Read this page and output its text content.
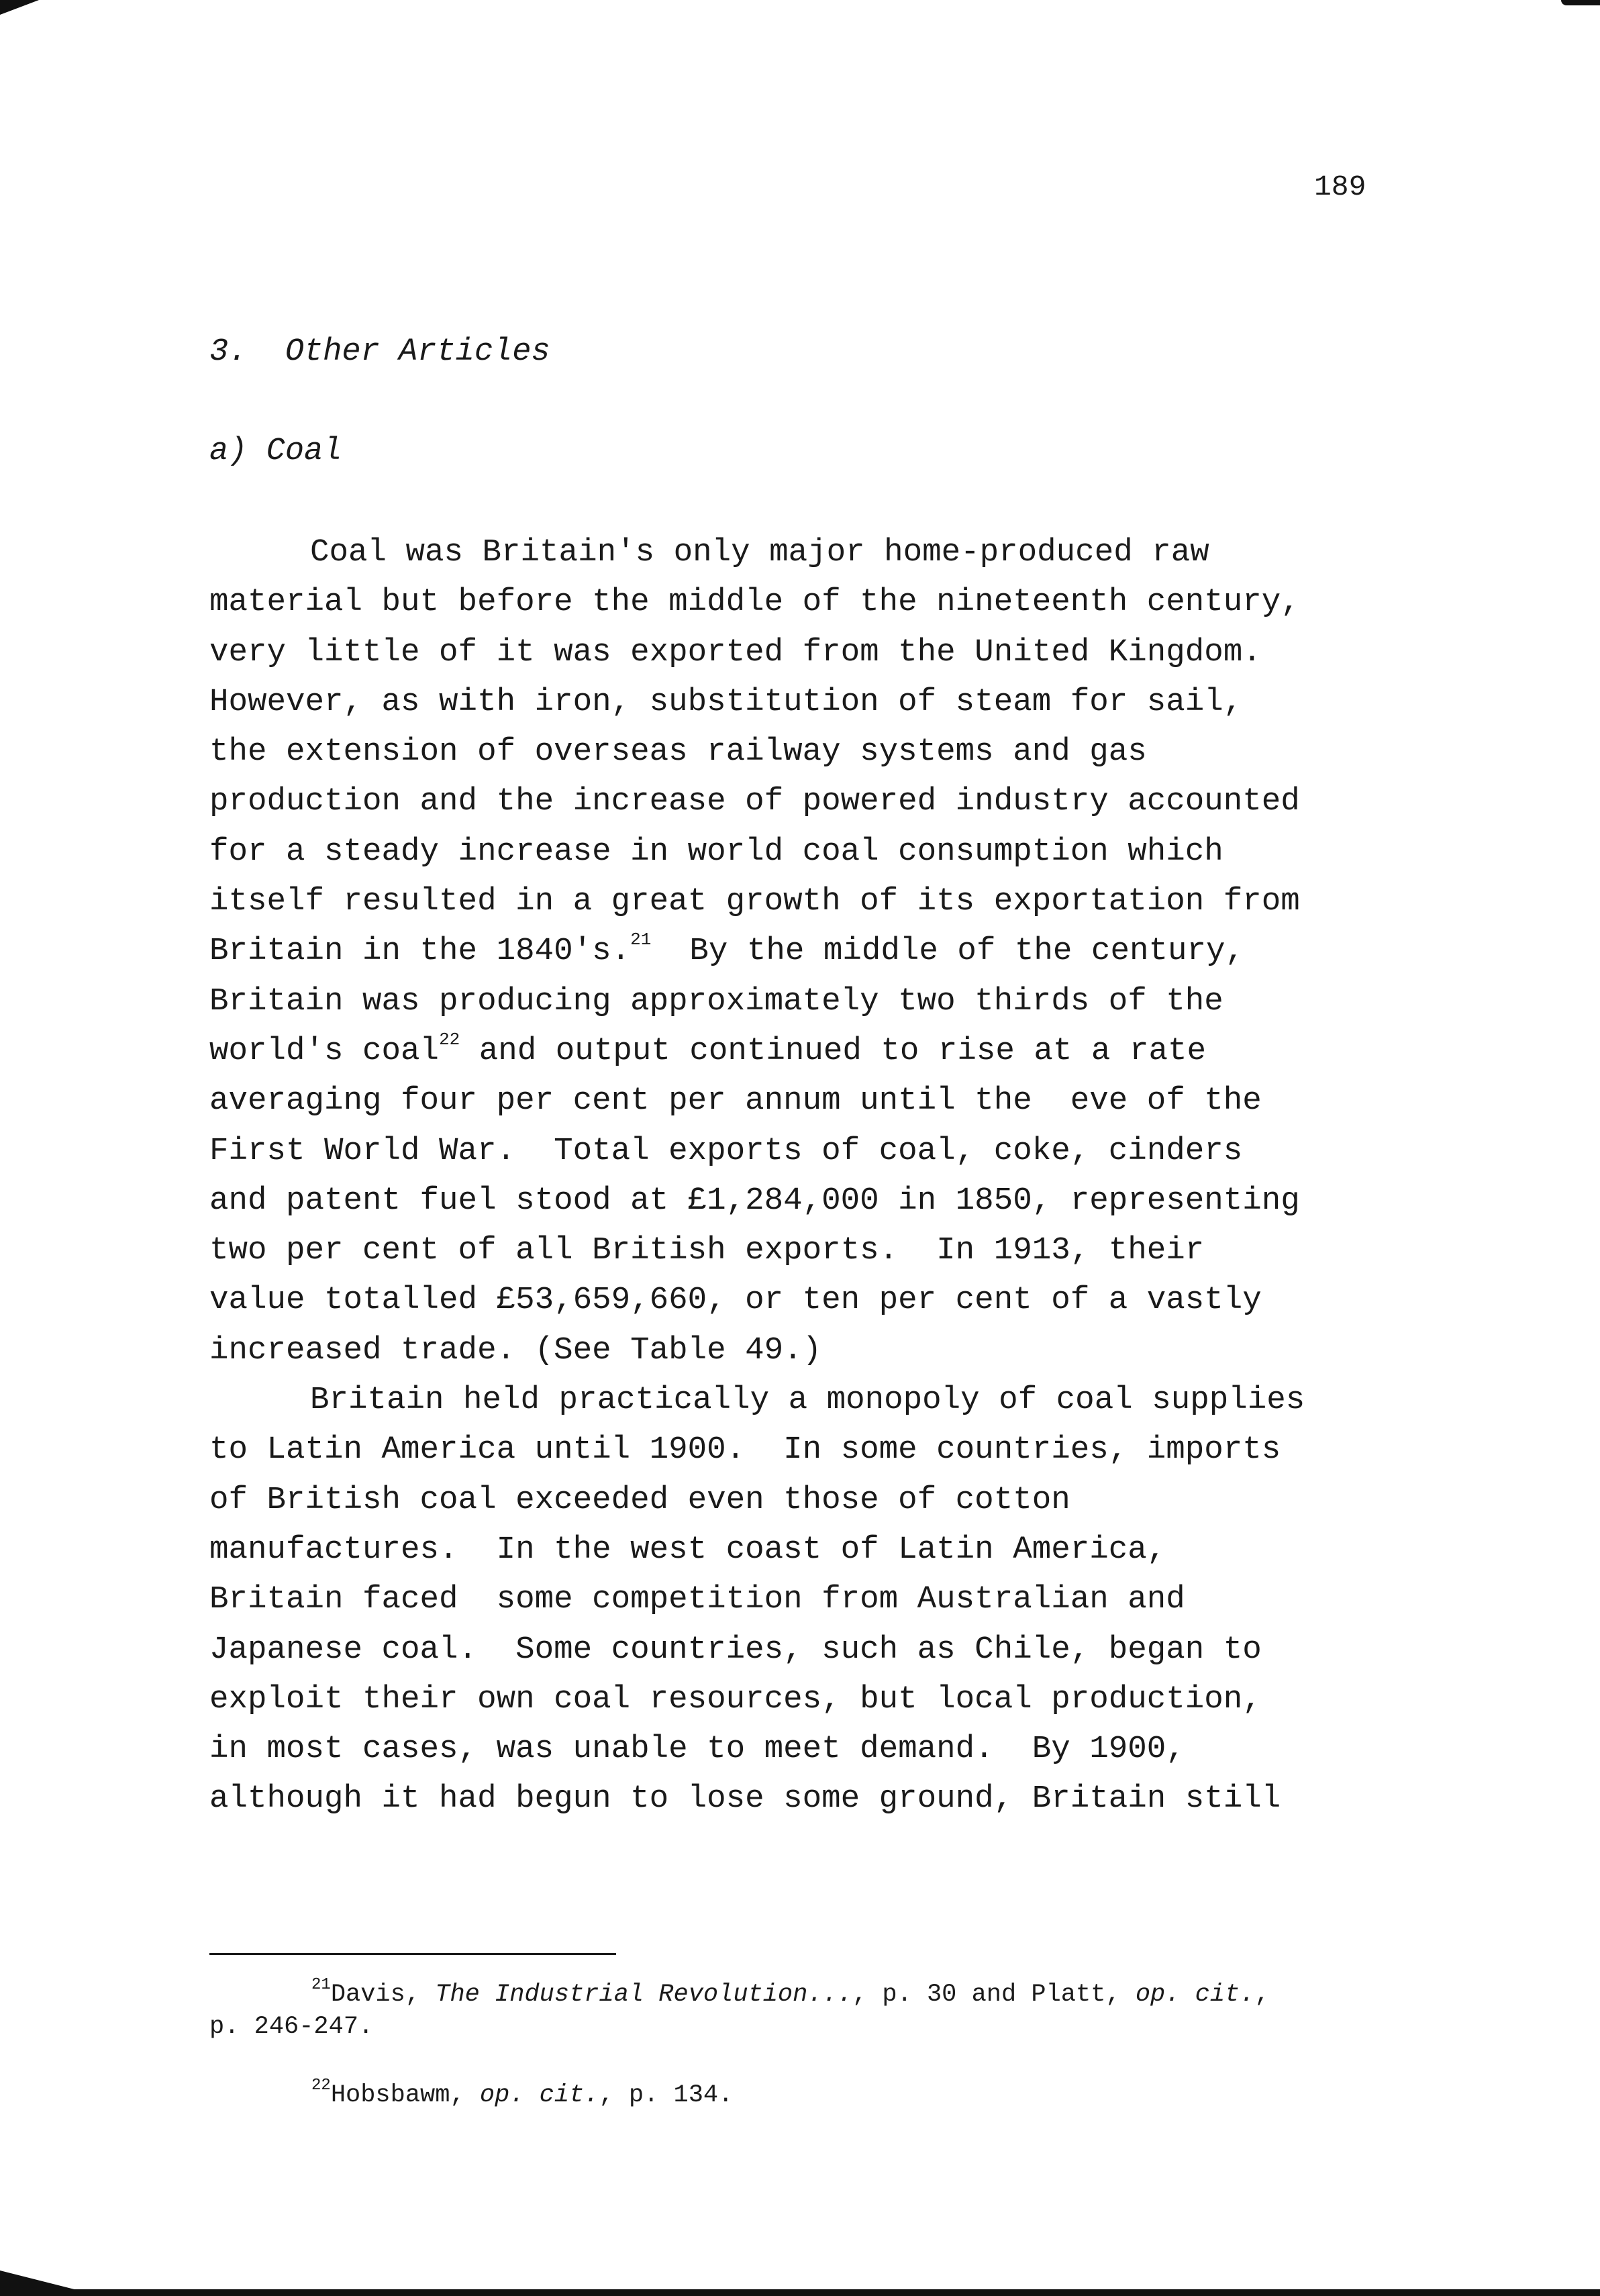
189
3.  Other Articles
a) Coal
Coal was Britain's only major home-produced raw
material but before the middle of the nineteenth century,
very little of it was exported from the United Kingdom.
However, as with iron, substitution of steam for sail,
the extension of overseas railway systems and gas
production and the increase of powered industry accounted
for a steady increase in world coal consumption which
itself resulted in a great growth of its exportation from
Britain in the 1840's.$^{21}$  By the middle of the century,
Britain was producing approximately two thirds of the
world's coal$^{22}$ and output continued to rise at a rate
averaging four per cent per annum until the  eve of the
First World War.  Total exports of coal, coke, cinders
and patent fuel stood at £1,284,000 in 1850, representing
two per cent of all British exports.  In 1913, their
value totalled £53,659,660, or ten per cent of a vastly
increased trade. (See Table 49.)
Britain held practically a monopoly of coal supplies
to Latin America until 1900.  In some countries, imports
of British coal exceeded even those of cotton
manufactures.  In the west coast of Latin America,
Britain faced  some competition from Australian and
Japanese coal.  Some countries, such as Chile, began to
exploit their own coal resources, but local production,
in most cases, was unable to meet demand.  By 1900,
although it had begun to lose some ground, Britain still
$^{21}$Davis, The Industrial Revolution..., p. 30 and Platt, op. cit.,
p. 246-247.
$^{22}$Hobsbawm, op. cit., p. 134.
